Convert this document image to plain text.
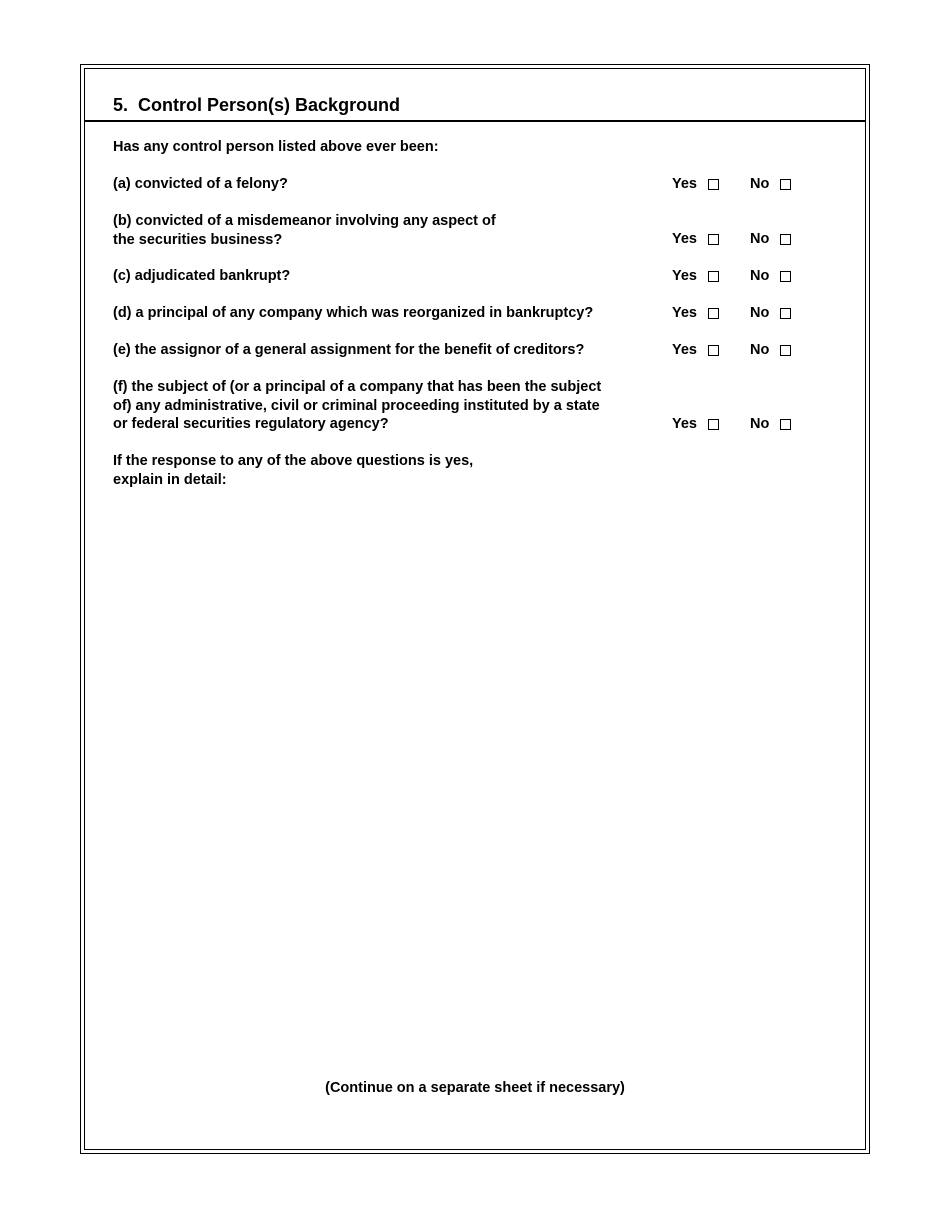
5. Control Person(s) Background
Has any control person listed above ever been:
(a) convicted of a felony?	Yes	No
(b) convicted of a misdemeanor involving any aspect of
the securities business?	Yes	No
(c) adjudicated bankrupt?	Yes	No
(d) a principal of any company which was reorganized in bankruptcy?	Yes	No
(e) the assignor of a general assignment for the benefit of creditors?	Yes	No
(f) the subject of (or a principal of a company that has been the subject
of) any administrative, civil or criminal proceeding instituted by a state
or federal securities regulatory agency?	Yes	No
If the response to any of the above questions is yes,
explain in detail:
(Continue on a separate sheet if necessary)
